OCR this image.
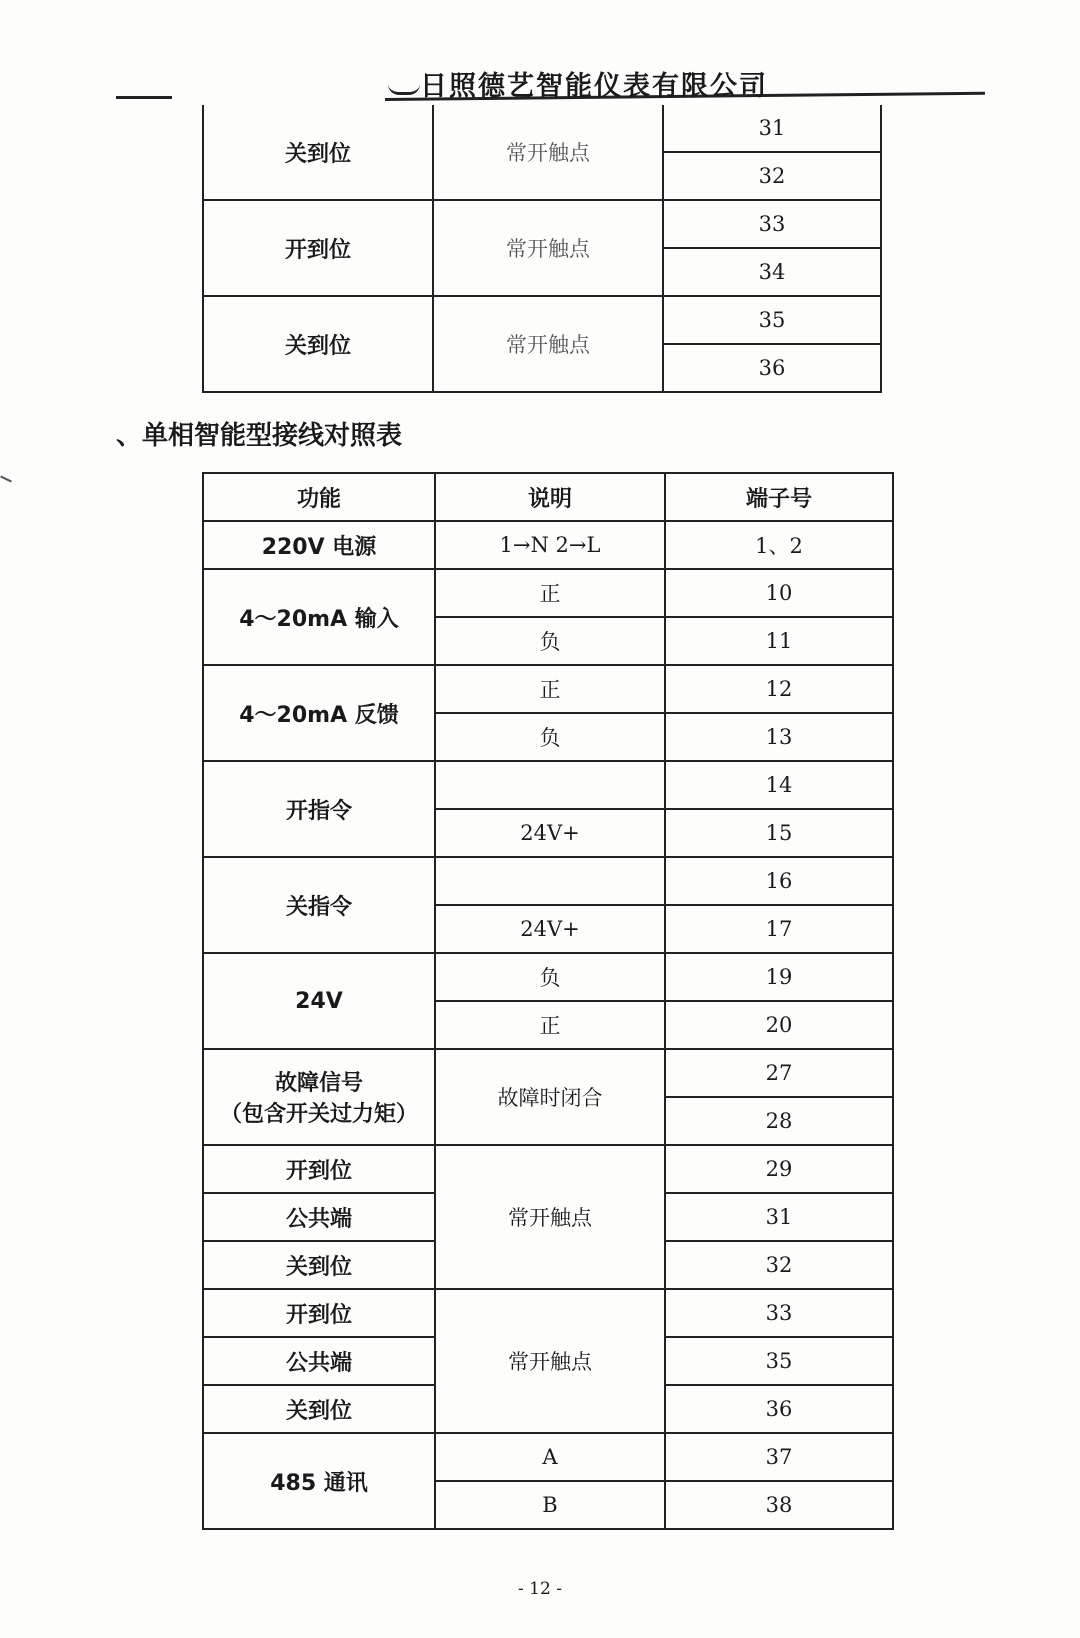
日照德艺智能仪表有限公司
关到位	常开触点	31
		32
开到位	常开触点	33
		34
关到位	常开触点	35
		36
、单相智能型接线对照表
功能	说明	端子号
220V 电源	1→N 2→L	1、2
4～20mA 输入	正	10
	负	11
4～20mA 反馈	正	12
	负	13
开指令		14
	24V+	15
关指令		16
	24V+	17
24V	负	19
	正	20

故障信号
（包含开关过力矩）	故障时闭合	27
		28
开到位	常开触点	29
公共端		31
关到位		32
开到位	常开触点	33
公共端		35
关到位		36
485 通讯	A	37
	B	38
- 12 -
